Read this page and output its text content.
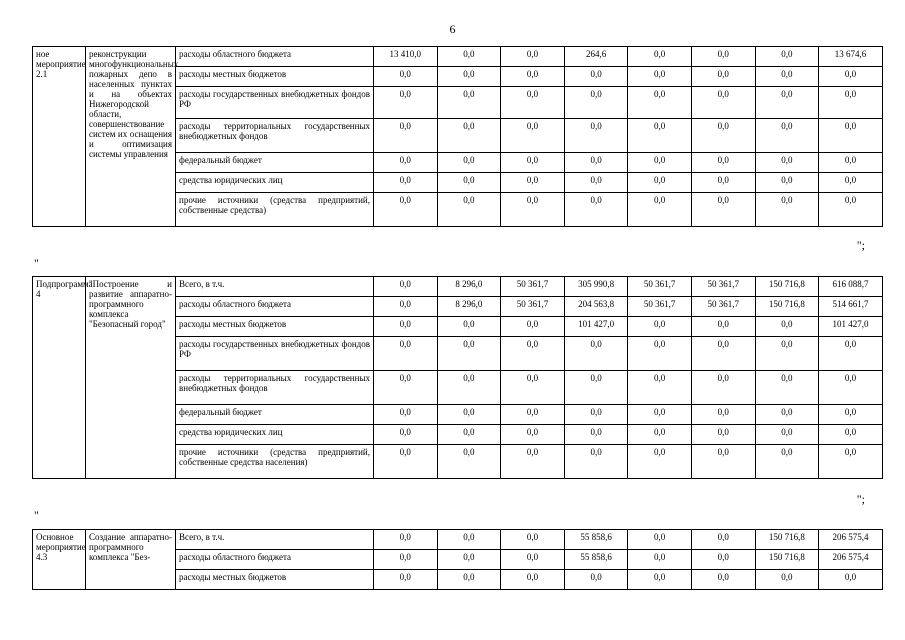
6
ное мероприятие 2.1	реконструкции многофункциональных пожарных депо в населенных пунктах и на объектах Нижегородской области, совершенствование систем их оснащения и оптимизация системы управления	расходы областного бюджета	13 410,0	0,0	0,0	264,6	0,0	0,0	0,0	13 674,6
		расходы местных бюджетов	0,0	0,0	0,0	0,0	0,0	0,0	0,0	0,0
		расходы государственных внебюджетных фондов РФ	0,0	0,0	0,0	0,0	0,0	0,0	0,0	0,0
		расходы территориальных государственных внебюджетных фондов	0,0	0,0	0,0	0,0	0,0	0,0	0,0	0,0
		федеральный бюджет	0,0	0,0	0,0	0,0	0,0	0,0	0,0	0,0
		средства юридических лиц	0,0	0,0	0,0	0,0	0,0	0,0	0,0	0,0
		прочие источники (средства предприятий, собственные средства)	0,0	0,0	0,0	0,0	0,0	0,0	0,0	0,0
";
"
Подпрограмма 4	"Построение и развитие аппаратно-программного комплекса "Безопасный город"	Всего, в т.ч.	0,0	8 296,0	50 361,7	305 990,8	50 361,7	50 361,7	150 716,8	616 088,7
		расходы областного бюджета	0,0	8 296,0	50 361,7	204 563,8	50 361,7	50 361,7	150 716,8	514 661,7
		расходы местных бюджетов	0,0	0,0	0,0	101 427,0	0,0	0,0	0,0	101 427,0
		расходы государственных внебюджетных фондов РФ	0,0	0,0	0,0	0,0	0,0	0,0	0,0	0,0
		расходы территориальных государственных внебюджетных фондов	0,0	0,0	0,0	0,0	0,0	0,0	0,0	0,0
		федеральный бюджет	0,0	0,0	0,0	0,0	0,0	0,0	0,0	0,0
		средства юридических лиц	0,0	0,0	0,0	0,0	0,0	0,0	0,0	0,0
		прочие источники (средства предприятий, собственные средства населения)	0,0	0,0	0,0	0,0	0,0	0,0	0,0	0,0
";
"
Основное мероприятие 4.3	Создание аппаратно-программного комплекса "Без-	Всего, в т.ч.	0,0	0,0	0,0	55 858,6	0,0	0,0	150 716,8	206 575,4
		расходы областного бюджета	0,0	0,0	0,0	55 858,6	0,0	0,0	150 716,8	206 575,4
		расходы местных бюджетов	0,0	0,0	0,0	0,0	0,0	0,0	0,0	0,0
